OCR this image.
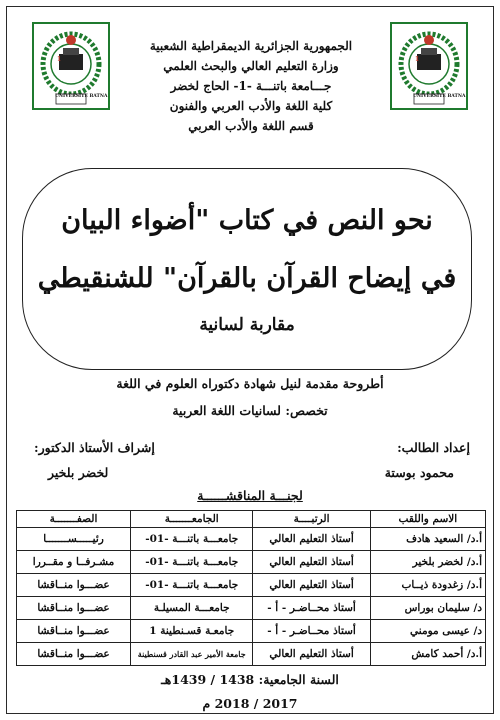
1
1977
UNIVERSITE BATNA
1
1977
UNIVERSITE BATNA
الجمهورية الجزائرية الديمقراطية الشعبية
وزارة التعليم العالي والبحث العلمي
جـــامعة باتنـــة -1- الحاج لخضر
كلية اللغة والأدب العربي والفنون
قسم اللغة والأدب العربي
نحو النص في كتاب "أضواء البيان
في إيضاح القرآن بالقرآن" للشنقيطي
مقاربة لسانية
أطروحة مقدمة لنيل شهادة دكتوراه العلوم في اللغة
تخصص: لسانيات اللغة العربية
إعداد الطالب:
محمود بوستة
إشراف الأستاذ الدكتور:
لخضر بلخير
لجنـــة المناقشــــــة
الاسم واللقب	الرتبــــة	الجامعـــــــة	الصفـــــــة
أ.د/ السعيد هادف	أستاذ التعليم العالي	جامعـــة باتنـــة -01-	رئيـــــســـــــا
أ.د/ لخضر بلخير	أستاذ التعليم العالي	جامعـــة باتنـــة -01-	مشـرفــا و مقــررا
أ.د/ زغدودة ذيــاب	أستاذ التعليم العالي	جامعـــة باتنـــة -01-	عضـــوا منــاقشا
د/ سليمان بوراس	أستاذ محــاضـر - أ -	جامعـــة المسيلـة	عضـــوا منــاقشا
د/ عيسى مومني	أستاذ محــاضـر - أ -	جامعـة قسـنطينة 1	عضـــوا منــاقشا
أ.د/ أحمد كامش	أستاذ التعليم العالي	جامعة الأمير عبد القادر قسنطينة	عضـــوا منــاقشا
السنة الجامعية: 1438 / 1439هـ
2017 / 2018 م
